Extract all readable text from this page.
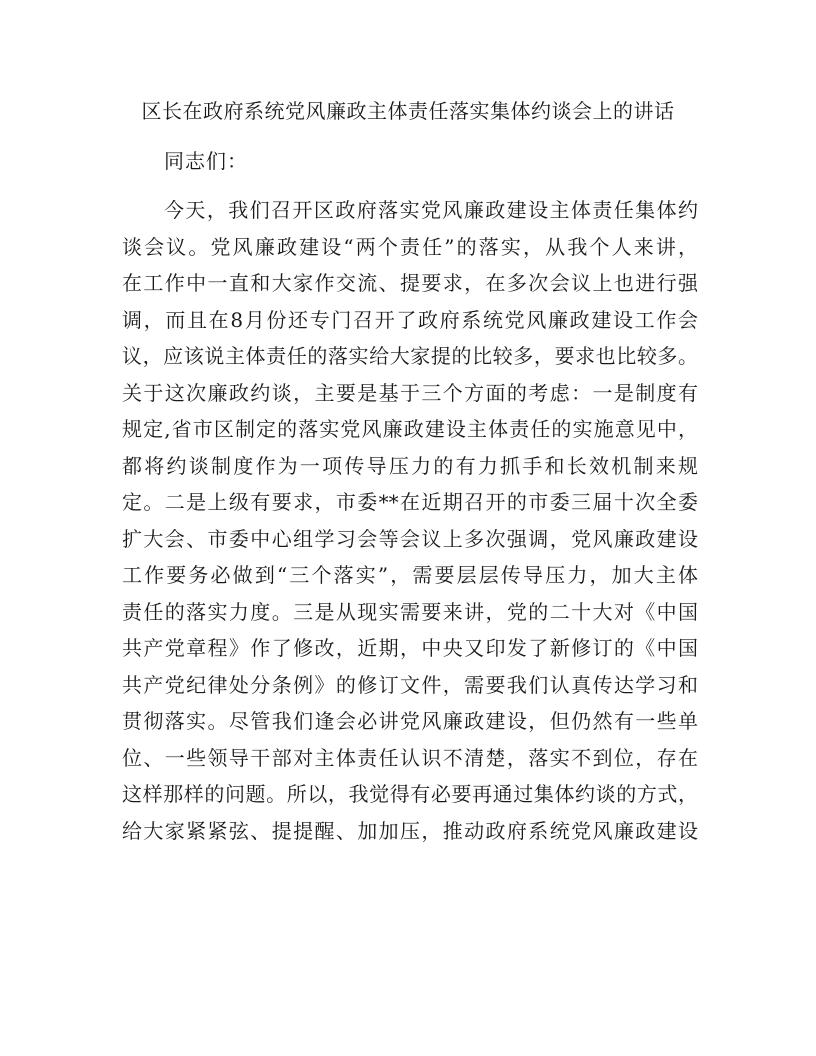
区长在政府系统党风廉政主体责任落实集体约谈会上的讲话
同志们：
今天，我们召开区政府落实党风廉政建设主体责任集体约
谈会议。党风廉政建设“两个责任”的落实，从我个人来讲，
在工作中一直和大家作交流、提要求，在多次会议上也进行强
调，而且在8月份还专门召开了政府系统党风廉政建设工作会
议，应该说主体责任的落实给大家提的比较多，要求也比较多。
关于这次廉政约谈，主要是基于三个方面的考虑：一是制度有
规定,省市区制定的落实党风廉政建设主体责任的实施意见中，
都将约谈制度作为一项传导压力的有力抓手和长效机制来规
定。二是上级有要求，市委**在近期召开的市委三届十次全委
扩大会、市委中心组学习会等会议上多次强调，党风廉政建设
工作要务必做到“三个落实”，需要层层传导压力，加大主体
责任的落实力度。三是从现实需要来讲，党的二十大对《中国
共产党章程》作了修改，近期，中央又印发了新修订的《中国
共产党纪律处分条例》的修订文件，需要我们认真传达学习和
贯彻落实。尽管我们逢会必讲党风廉政建设，但仍然有一些单
位、一些领导干部对主体责任认识不清楚，落实不到位，存在
这样那样的问题。所以，我觉得有必要再通过集体约谈的方式，
给大家紧紧弦、提提醒、加加压，推动政府系统党风廉政建设
